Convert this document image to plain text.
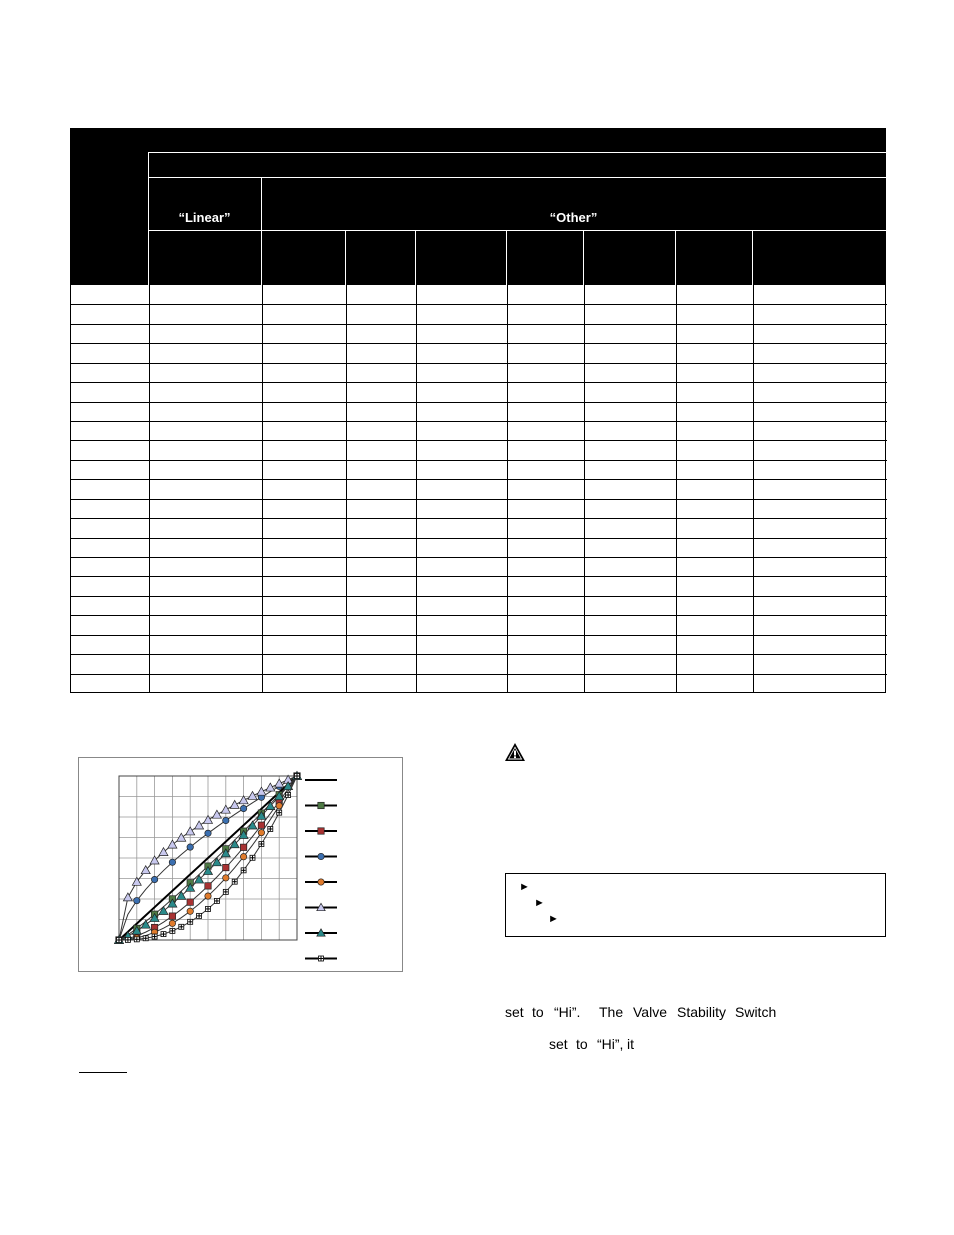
“Linear”	“Other”
►
►
►
set to “Hi”. The Valve Stability Switch
set to “Hi”, it
